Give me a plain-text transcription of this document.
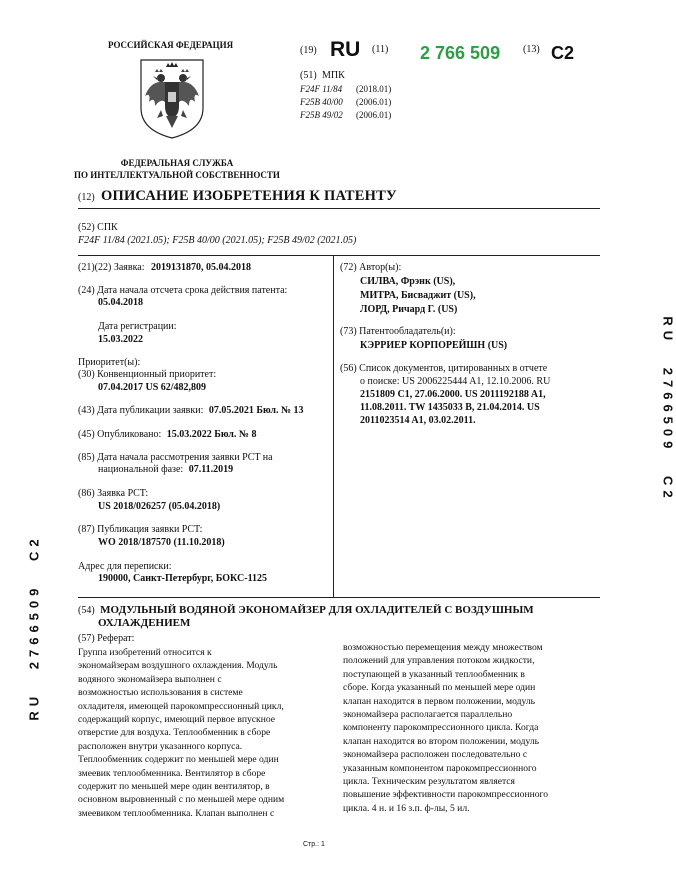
РОССИЙСКАЯ ФЕДЕРАЦИЯ
ФЕДЕРАЛЬНАЯ СЛУЖБА
ПО ИНТЕЛЛЕКТУАЛЬНОЙ СОБСТВЕННОСТИ
(19) RU (11) 2 766 509 (13) C2
(51) МПК
F24F 11/84 (2018.01)
F25B 40/00 (2006.01)
F25B 49/02 (2006.01)
(12) ОПИСАНИЕ ИЗОБРЕТЕНИЯ К ПАТЕНТУ
(52) СПК
F24F 11/84 (2021.05); F25B 40/00 (2021.05); F25B 49/02 (2021.05)
(21)(22) Заявка: 2019131870, 05.04.2018
(24) Дата начала отсчета срока действия патента:
05.04.2018
Дата регистрации:
15.03.2022
Приоритет(ы):
(30) Конвенционный приоритет:
07.04.2017 US 62/482,809
(43) Дата публикации заявки: 07.05.2021 Бюл. № 13
(45) Опубликовано: 15.03.2022 Бюл. № 8
(85) Дата начала рассмотрения заявки PCT на
национальной фазе: 07.11.2019
(86) Заявка PCT:
US 2018/026257 (05.04.2018)
(87) Публикация заявки PCT:
WO 2018/187570 (11.10.2018)
Адрес для переписки:
190000, Санкт-Петербург, БОКС-1125
(72) Автор(ы):
СИЛВА, Фрэнк (US),
МИТРА, Бисваджит (US),
ЛОРД, Ричард Г. (US)
(73) Патентообладатель(и):
КЭРРИЕР КОРПОРЕЙШН (US)
(56) Список документов, цитированных в отчете
о поиске: US 2006225444 A1, 12.10.2006. RU
2151809 C1, 27.06.2000. US 2011192188 A1,
11.08.2011. TW 1435033 B, 21.04.2014. US
2011023514 A1, 03.02.2011.
(54) МОДУЛЬНЫЙ ВОДЯНОЙ ЭКОНОМАЙЗЕР ДЛЯ ОХЛАДИТЕЛЕЙ С ВОЗДУШНЫМ
ОХЛАЖДЕНИЕМ
(57) Реферат:
Группа изобретений относится к
экономайзерам воздушного охлаждения. Модуль
водяного экономайзера выполнен с
возможностью использования в системе
охладителя, имеющей парокомпрессионный цикл,
содержащий корпус, имеющий первое впускное
отверстие для воздуха. Теплообменник в сборе
расположен внутри указанного корпуса.
Теплообменник содержит по меньшей мере один
змеевик теплообменника. Вентилятор в сборе
содержит по меньшей мере один вентилятор, в
основном выровненный с по меньшей мере одним
змеевиком теплообменника. Клапан выполнен с
возможностью перемещения между множеством
положений для управления потоком жидкости,
поступающей в указанный теплообменник в
сборе. Когда указанный по меньшей мере один
клапан находится в первом положении, модуль
экономайзера располагается параллельно
компоненту парокомпрессионного цикла. Когда
клапан находится во втором положении, модуль
экономайзера расположен последовательно с
указанным компонентом парокомпрессионного
цикла. Техническим результатом является
повышение эффективности парокомпрессионного
цикла. 4 н. и 16 з.п. ф-лы, 5 ил.
RU 2766509 C2
RU 2766509 C2
Стр.: 1
